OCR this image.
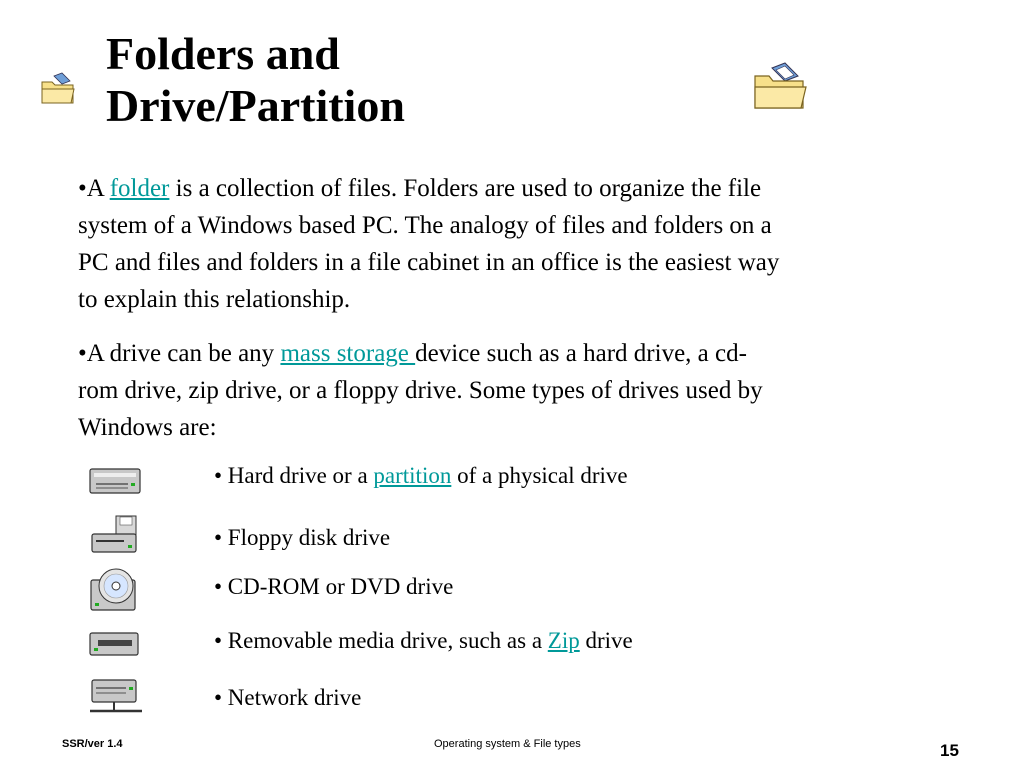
Folders and
Drive/Partition
•A folder is a collection of files. Folders are used to organize the file
system of a Windows based PC. The analogy of files and folders on a
PC and files and folders in a file cabinet in an office is the easiest way
to explain this relationship.
•A drive can be any mass storage device such as a hard drive, a cd-
rom drive, zip drive, or a floppy drive. Some types of drives used by
Windows are:
• Hard drive or a partition of a physical drive
• Floppy disk drive
• CD-ROM or DVD drive
• Removable media drive, such as a Zip drive
• Network drive
SSR/ver 1.4	Operating system & File types	15
